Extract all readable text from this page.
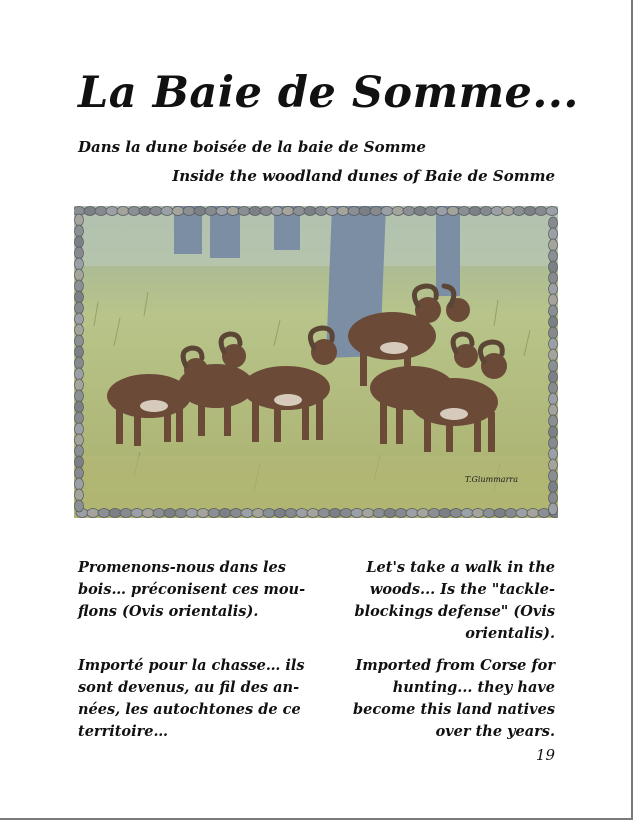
La Baie de Somme...
Dans la dune boisée de la baie de Somme
Inside the woodland dunes of Baie de Somme
T.Giummarra

Promenons-nous dans les bois… préconisent ces mou-flons (Ovis orientalis).

Let's take a walk in the woods... Is the "tackle-blockings defense" (Ovis orientalis).

Importé pour la chasse… ils sont devenus, au fil des an-nées, les autochtones de ce territoire…

Imported from Corse for hunting... they have become this land natives over the years.

19
